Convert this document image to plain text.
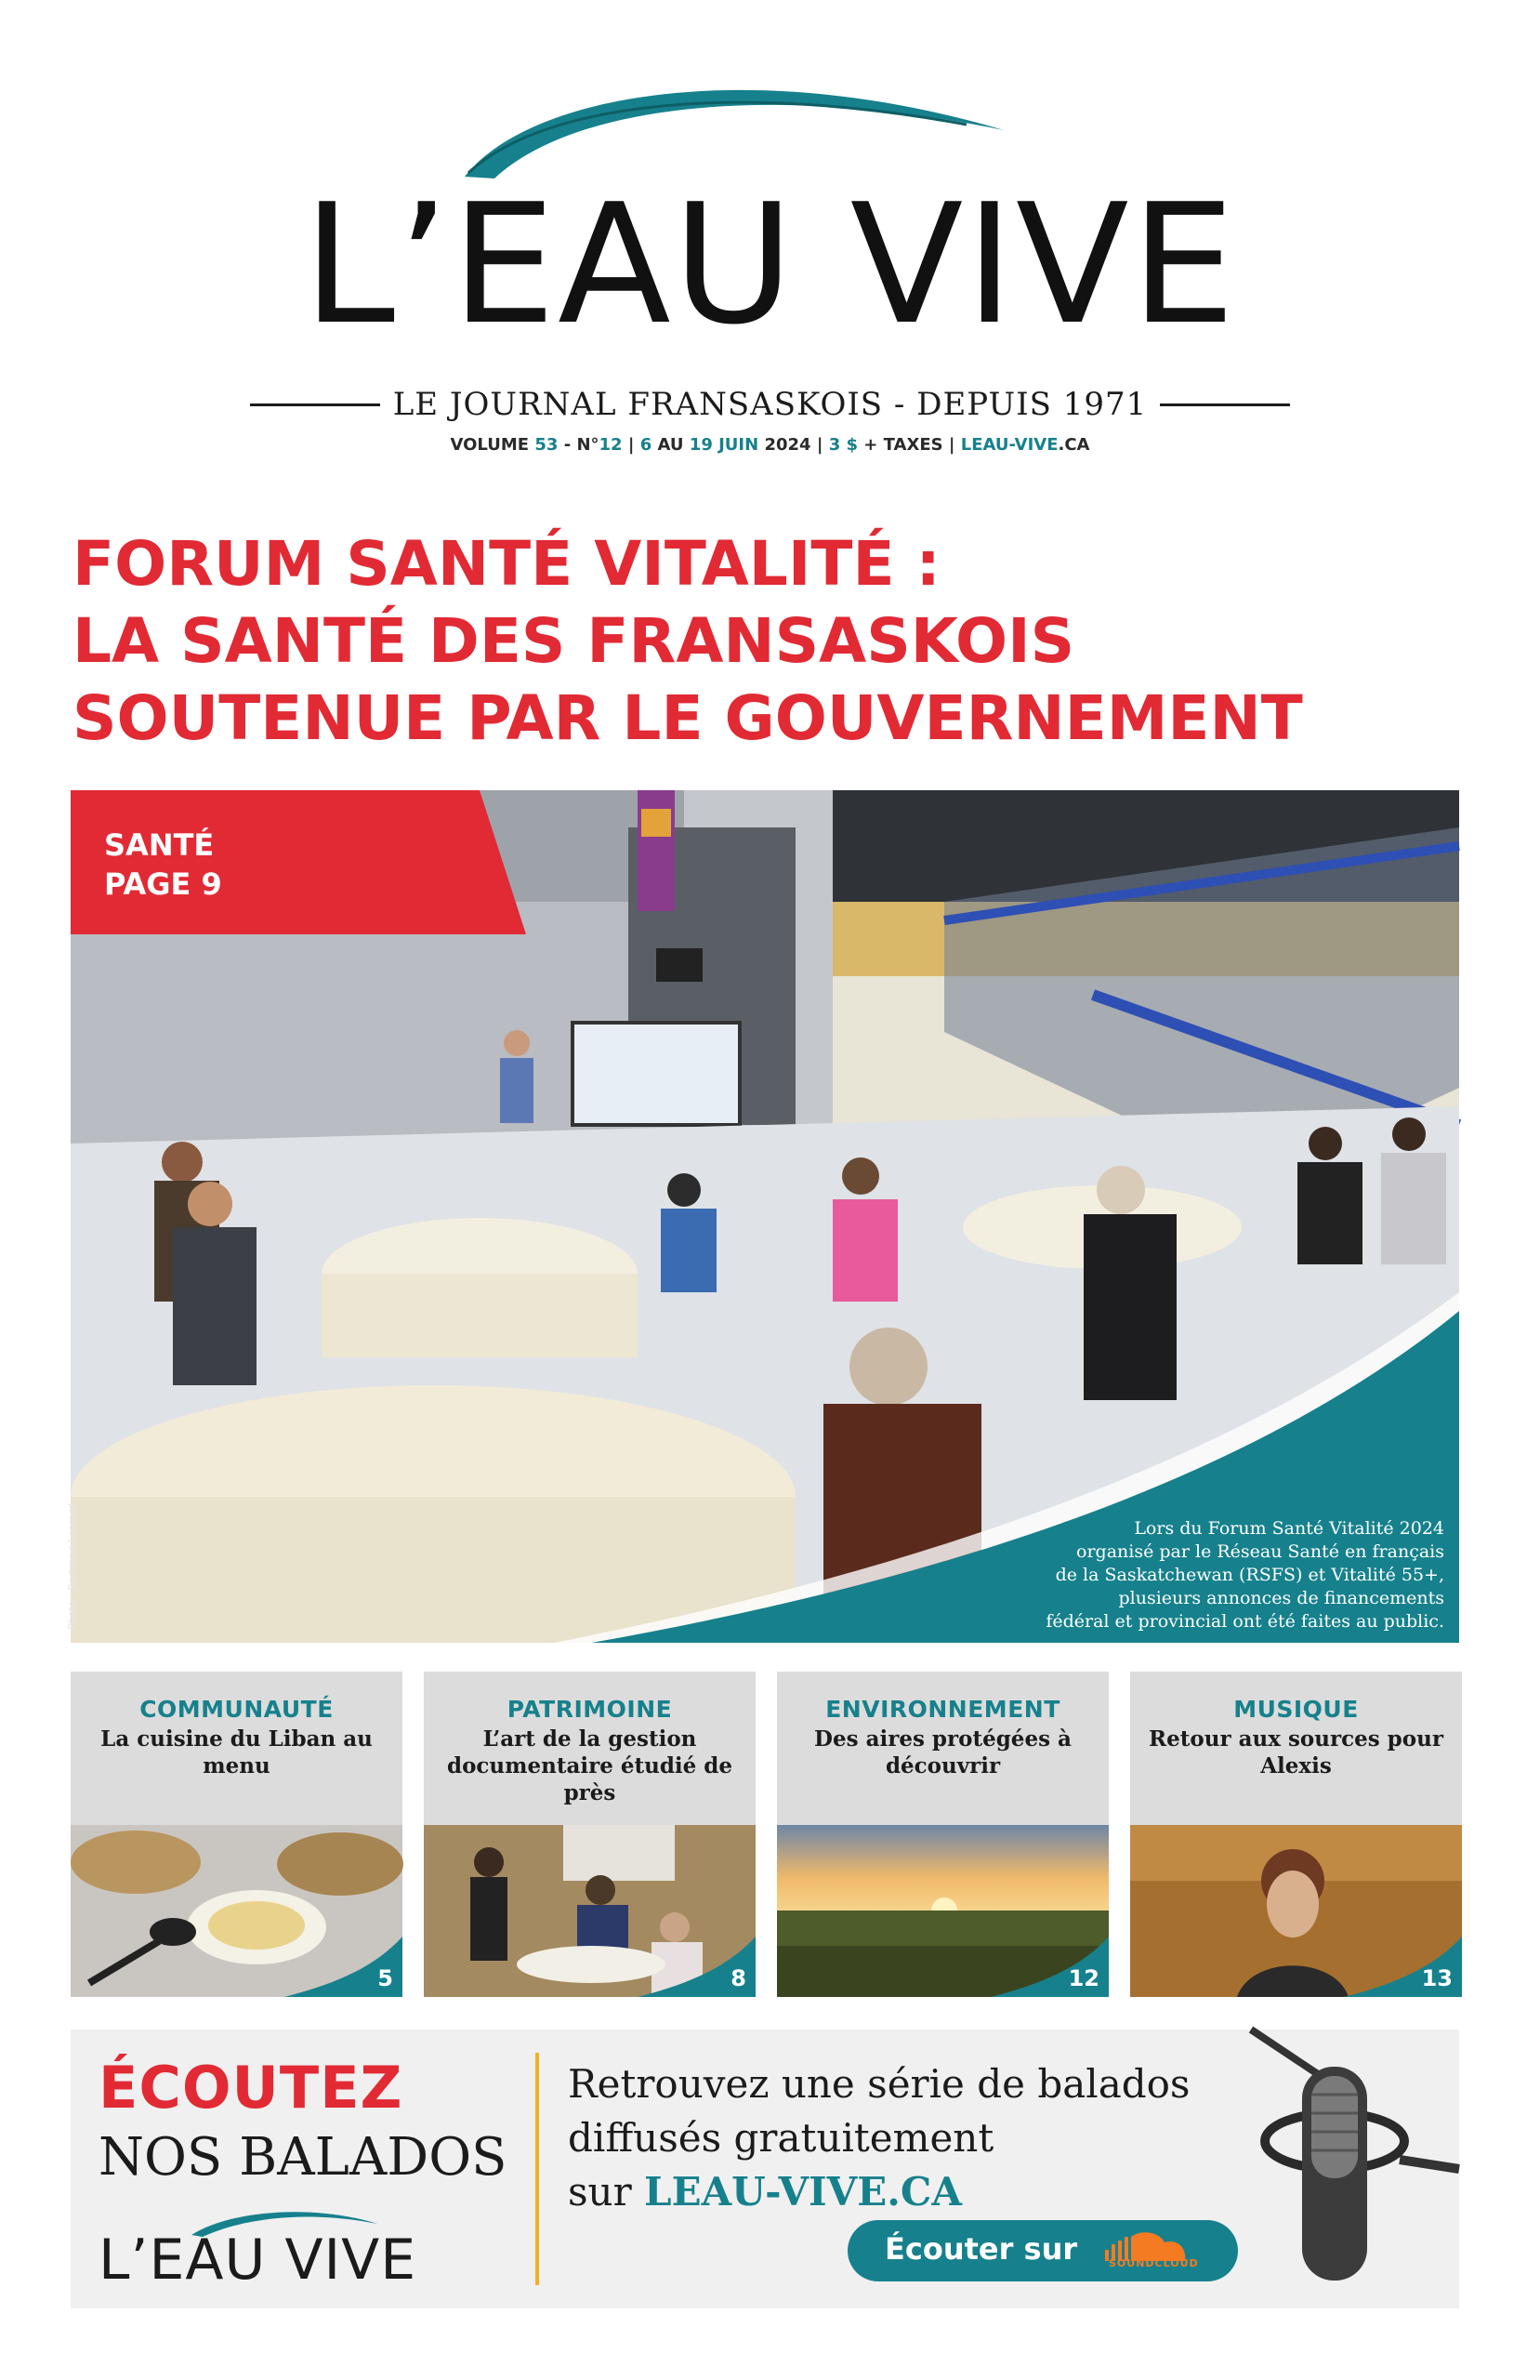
L’EAU VIVE
LE JOURNAL FRANSASKOIS - DEPUIS 1971
VOLUME 53 - N°12 | 6 AU 19 JUIN 2024 | 3 $ + TAXES | LEAU-VIVE.CA
FORUM SANTÉ VITALITÉ :
LA SANTÉ DES FRANSASKOIS
SOUTENUE PAR LE GOUVERNEMENT
SANTÉ
PAGE 9
Lors du Forum Santé Vitalité 2024
organisé par le Réseau Santé en français
de la Saskatchewan (RSFS) et Vitalité 55+,
plusieurs annonces de financements
fédéral et provincial ont été faites au public.
Photo : Bertrand Lessard
COMMUNAUTÉ
La cuisine du Liban au menu
5
PATRIMOINE
L’art de la gestion documentaire étudié de près
8
ENVIRONNEMENT
Des aires protégées à découvrir
12
MUSIQUE
Retour aux sources pour Alexis
13
ÉCOUTEZ
NOS BALADOS
L’EAU VIVE
Retrouvez une série de balados
diffusés gratuitement
sur LEAU-VIVE.CA
Écouter sur	SOUNDCLOUD
